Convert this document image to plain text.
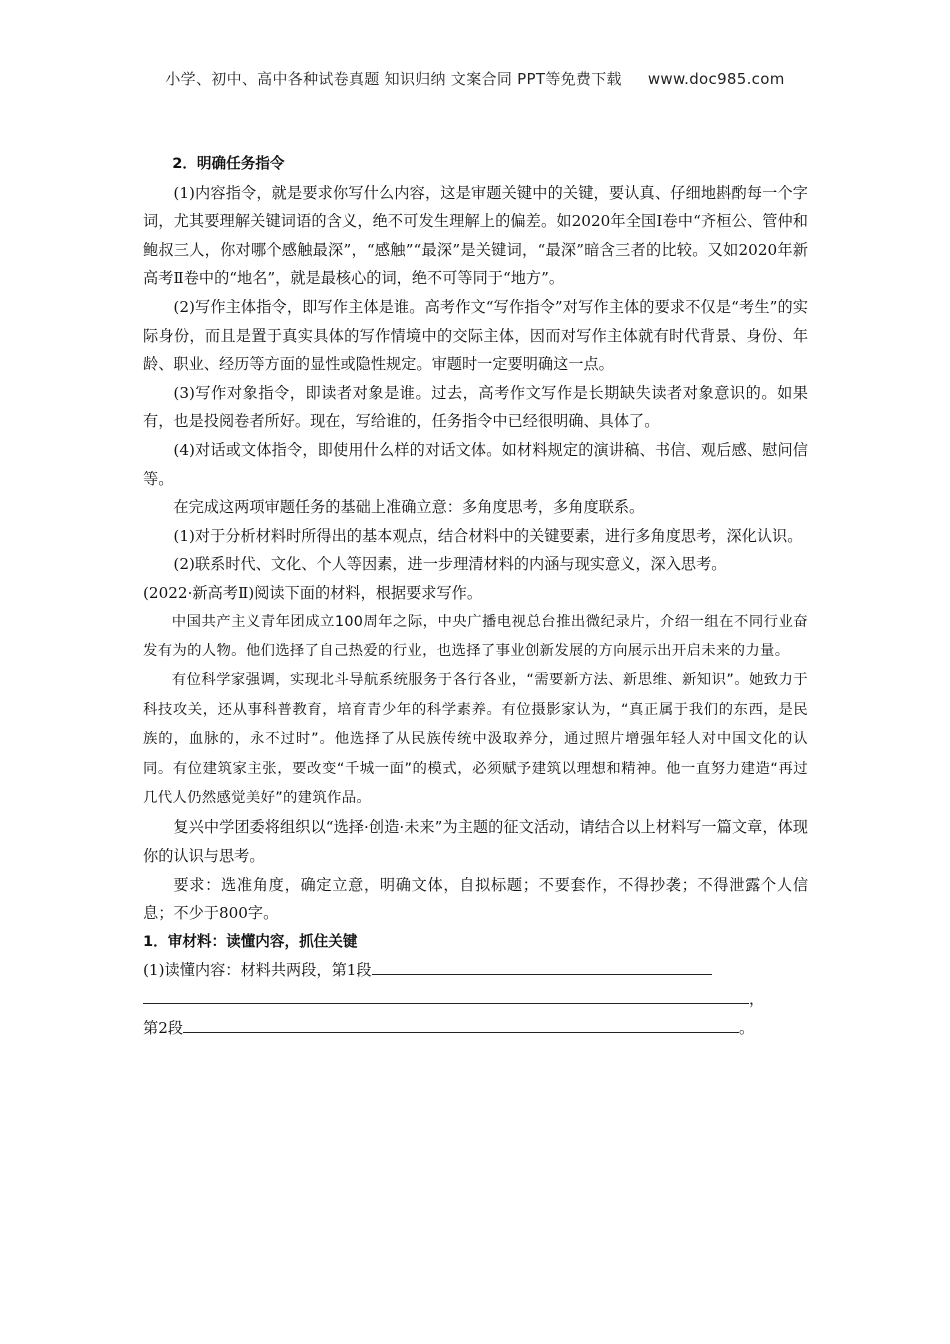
小学、初中、高中各种试卷真题 知识归纳 文案合同 PPT等免费下载 www.doc985.com

2．明确任务指令

(1)内容指令，就是要求你写什么内容，这是审题关键中的关键，要认真、仔细地斟酌每一个字词，尤其要理解关键词语的含义，绝不可发生理解上的偏差。如2020年全国Ⅰ卷中“齐桓公、管仲和鲍叔三人，你对哪个感触最深”，“感触”“最深”是关键词，“最深”暗含三者的比较。又如2020年新高考Ⅱ卷中的“地名”，就是最核心的词，绝不可等同于“地方”。

(2)写作主体指令，即写作主体是谁。高考作文“写作指令”对写作主体的要求不仅是“考生”的实际身份，而且是置于真实具体的写作情境中的交际主体，因而对写作主体就有时代背景、身份、年龄、职业、经历等方面的显性或隐性规定。审题时一定要明确这一点。

(3)写作对象指令，即读者对象是谁。过去，高考作文写作是长期缺失读者对象意识的。如果有，也是投阅卷者所好。现在，写给谁的，任务指令中已经很明确、具体了。

(4)对话或文体指令，即使用什么样的对话文体。如材料规定的演讲稿、书信、观后感、慰问信等。

在完成这两项审题任务的基础上准确立意：多角度思考，多角度联系。

(1)对于分析材料时所得出的基本观点，结合材料中的关键要素，进行多角度思考，深化认识。

(2)联系时代、文化、个人等因素，进一步理清材料的内涵与现实意义，深入思考。

(2022·新高考Ⅱ)阅读下面的材料，根据要求写作。

中国共产主义青年团成立100周年之际，中央广播电视总台推出微纪录片，介绍一组在不同行业奋发有为的人物。他们选择了自己热爱的行业，也选择了事业创新发展的方向展示出开启未来的力量。

有位科学家强调，实现北斗导航系统服务于各行各业，“需要新方法、新思维、新知识”。她致力于科技攻关，还从事科普教育，培育青少年的科学素养。有位摄影家认为，“真正属于我们的东西，是民族的，血脉的，永不过时”。他选择了从民族传统中汲取养分，通过照片增强年轻人对中国文化的认同。有位建筑家主张，要改变“千城一面”的模式，必须赋予建筑以理想和精神。他一直努力建造“再过几代人仍然感觉美好”的建筑作品。

复兴中学团委将组织以“选择·创造·未来”为主题的征文活动，请结合以上材料写一篇文章，体现你的认识与思考。

要求：选准角度，确定立意，明确文体，自拟标题；不要套作，不得抄袭；不得泄露个人信息；不少于800字。

1．审材料：读懂内容，抓住关键

(1)读懂内容：材料共两段，第1段
，
第2段	。
